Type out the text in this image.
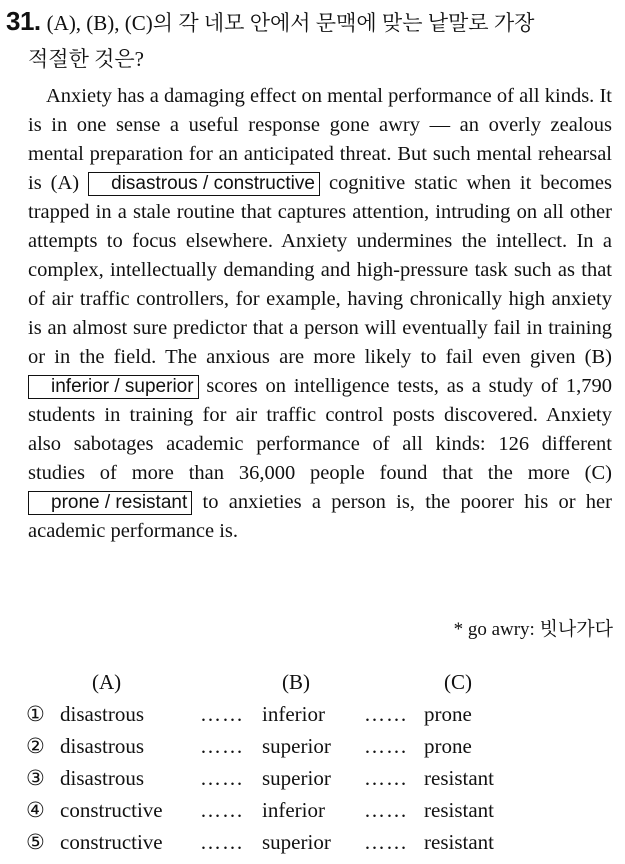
31. (A), (B), (C)의 각 네모 안에서 문맥에 맞는 낱말로 가장
적절한 것은?

Anxiety has a damaging effect on mental performance of all kinds. It is in one sense a useful response gone awry ― an overly zealous mental preparation for an anticipated threat. But such mental rehearsal is (A) disastrous / constructive cognitive static when it becomes trapped in a stale routine that captures attention, intruding on all other attempts to focus elsewhere. Anxiety undermines the intellect. In a complex, intellectually demanding and high-pressure task such as that of air traffic controllers, for example, having chronically high anxiety is an almost sure predictor that a person will eventually fail in training or in the field. The anxious are more likely to fail even given (B) inferior / superior scores on intelligence tests, as a study of 1,790 students in training for air traffic control posts discovered. Anxiety also sabotages academic performance of all kinds: 126 different studies of more than 36,000 people found that the more (C) prone / resistant to anxieties a person is, the poorer his or her academic performance is.

* go awry: 빗나가다
(A)	(B)	(C)
① disastrous	…… inferior …… prone
② disastrous	…… superior …… prone
③ disastrous	…… superior …… resistant
④ constructive …… inferior …… resistant
⑤ constructive …… superior …… resistant
